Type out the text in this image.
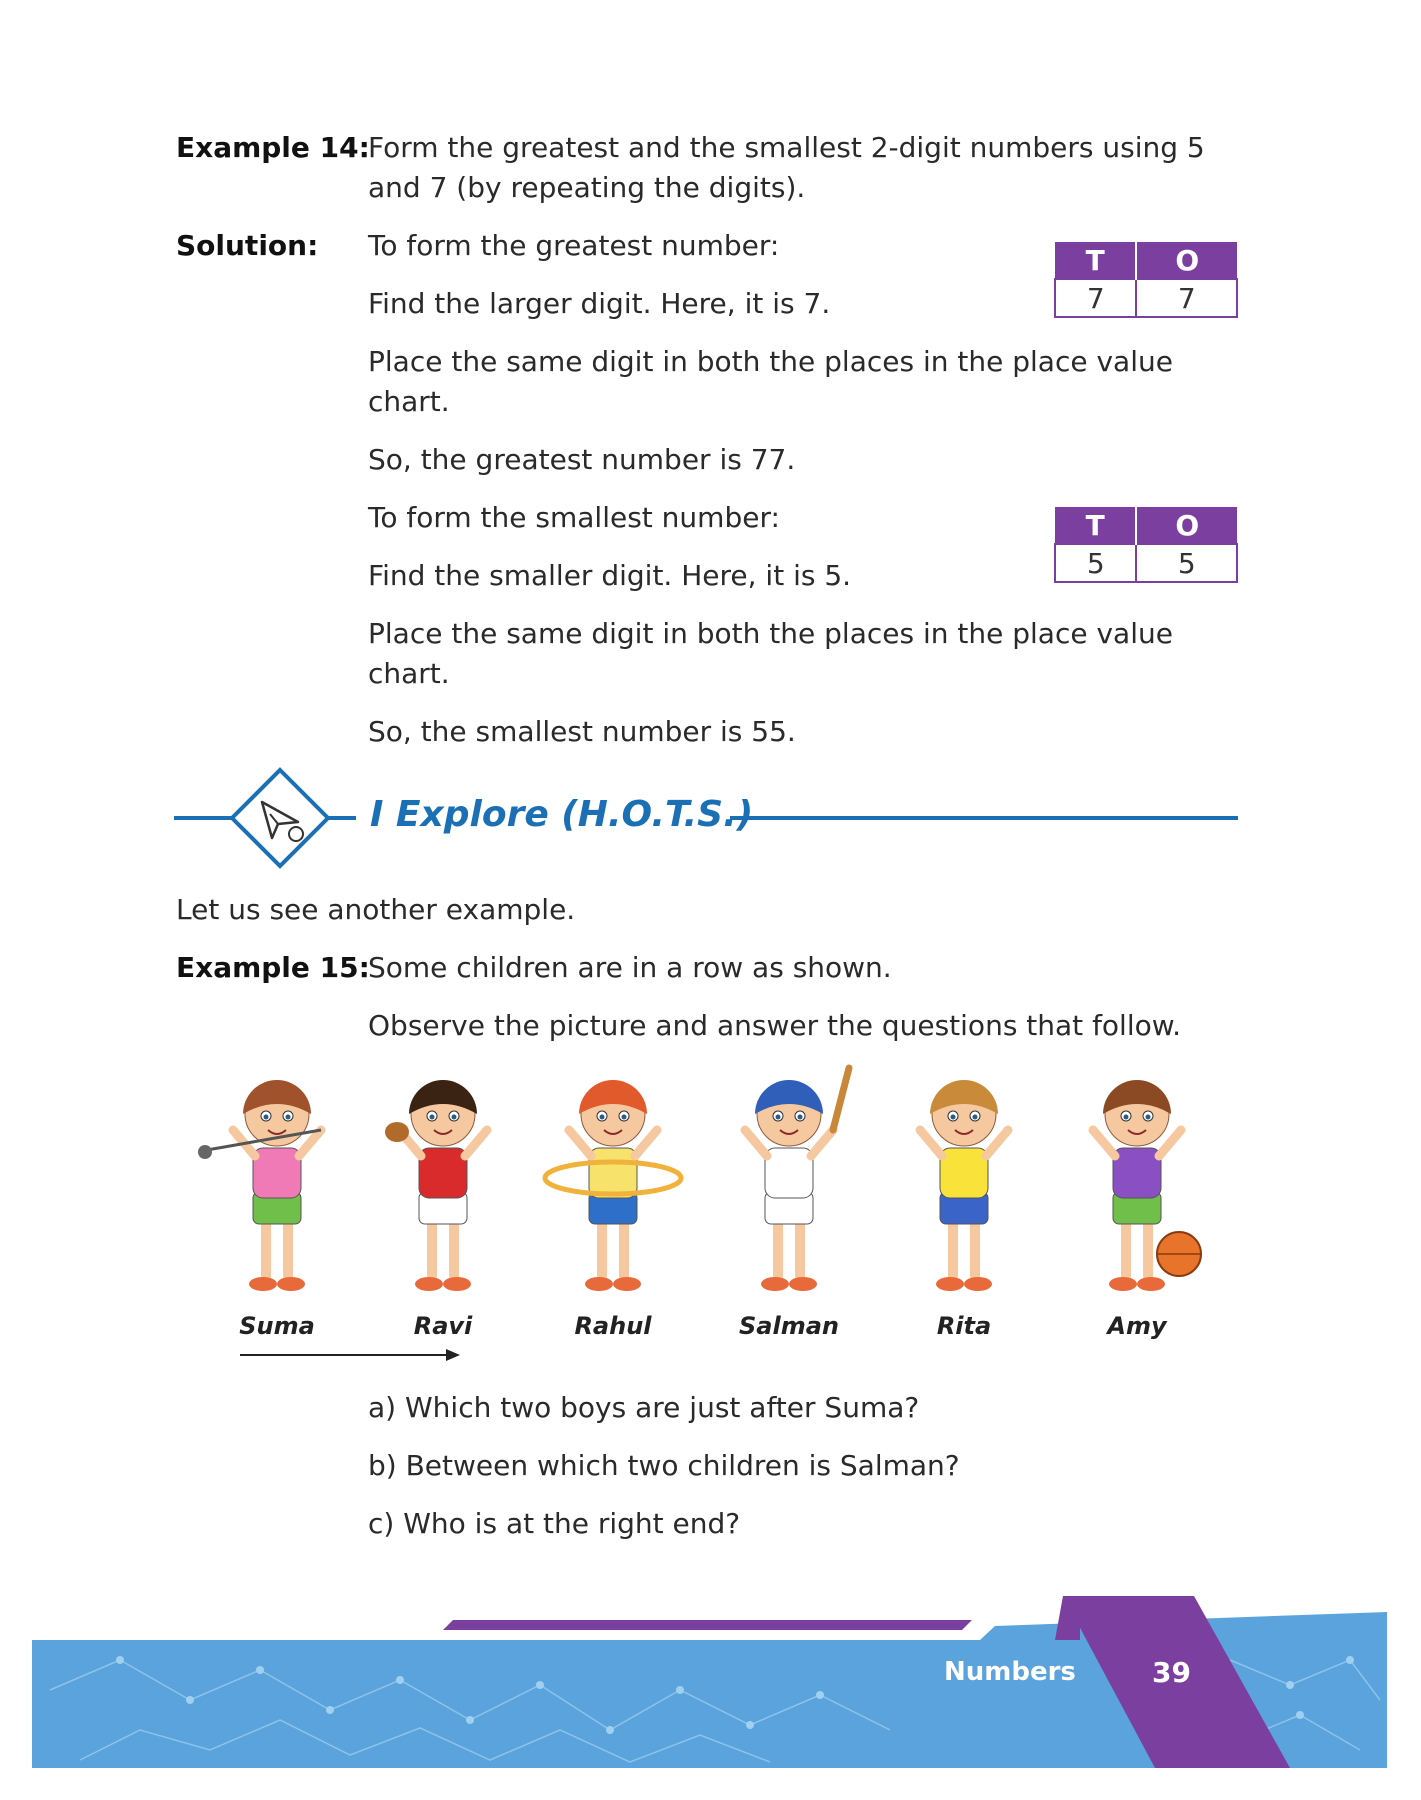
Example 14:
Form the greatest and the smallest 2-digit numbers using 5
and 7 (by repeating the digits).
Solution: To form the greatest number:
Find the larger digit. Here, it is 7.
Place the same digit in both the places in the place value
chart.
So, the greatest number is 77.
To form the smallest number:
Find the smaller digit. Here, it is 5.
Place the same digit in both the places in the place value
chart.
So, the smallest number is 55.
T	O
7	7
T	O
5	5
I Explore (H.O.T.S.)
Let us see another example.
Example 15:
Some children are in a row as shown.
Observe the picture and answer the questions that follow.
Suma	Ravi	Rahul	Salman	Rita	Amy
a) Which two boys are just after Suma?
b) Between which two children is Salman?
c) Who is at the right end?
Numbers	39
